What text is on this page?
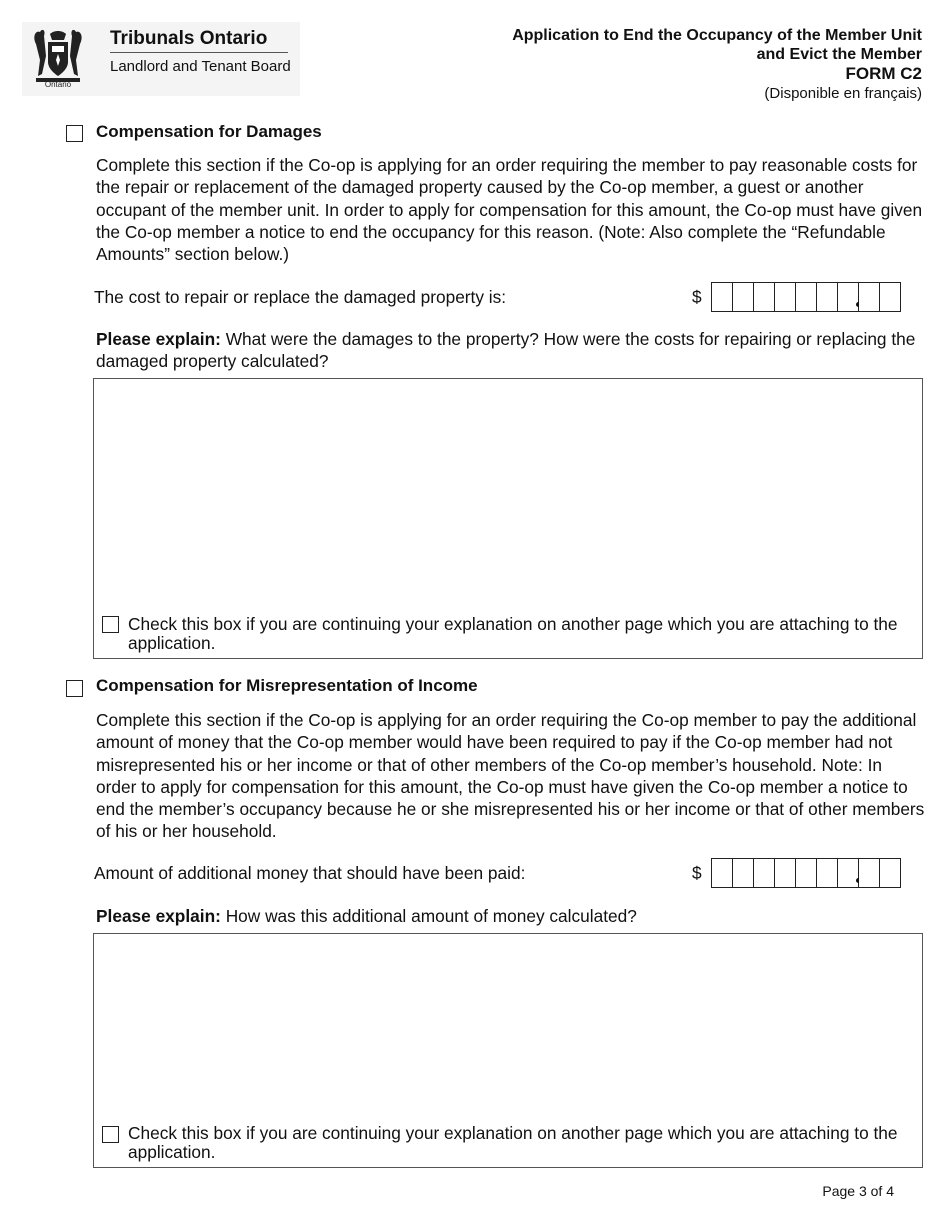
Ontario
Tribunals Ontario
Landlord and Tenant Board
Application to End the Occupancy of the Member Unit
and Evict the Member
FORM C2
(Disponible en français)
Compensation for Damages
Complete this section if the Co-op is applying for an order requiring the member to pay reasonable costs for the repair or replacement of the damaged property caused by the Co-op member, a guest or another occupant of the member unit. In order to apply for compensation for this amount, the Co-op must have given the Co-op member a notice to end the occupancy for this reason. (Note: Also complete the “Refundable Amounts” section below.)
The cost to repair or replace the damaged property is:	$
Please explain: What were the damages to the property? How were the costs for repairing or replacing the damaged property calculated?
Check this box if you are continuing your explanation on another page which you are attaching to the application.
Compensation for Misrepresentation of Income
Complete this section if the Co-op is applying for an order requiring the Co-op member to pay the additional amount of money that the Co-op member would have been required to pay if the Co-op member had not misrepresented his or her income or that of other members of the Co-op member’s household. Note: In order to apply for compensation for this amount, the Co-op must have given the Co-op member a notice to end the member’s occupancy because he or she misrepresented his or her income or that of other members of his or her household.
Amount of additional money that should have been paid:	$
Please explain: How was this additional amount of money calculated?
Check this box if you are continuing your explanation on another page which you are attaching to the application.
Page 3 of 4
